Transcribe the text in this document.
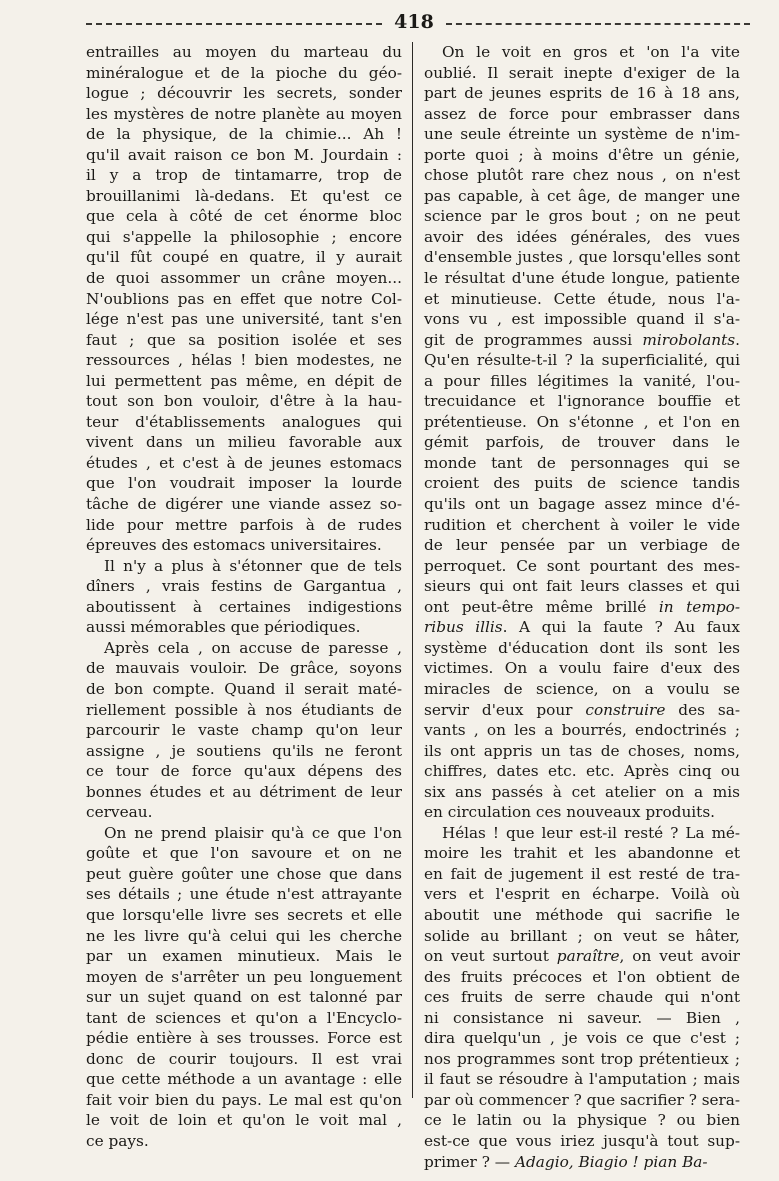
418

entrailles au moyen du marteau du
minéralogue et de la pioche du géo-
logue ; découvrir les secrets, sonder
les mystères de notre planète au moyen
de la physique, de la chimie... Ah !
qu'il avait raison ce bon M. Jourdain :
il y a trop de tintamarre, trop de
brouillanimi là-dedans. Et qu'est ce
que cela à côté de cet énorme bloc
qui s'appelle la philosophie ; encore
qu'il fût coupé en quatre, il y aurait
de quoi assommer un crâne moyen...
N'oublions pas en effet que notre Col-
lége n'est pas une université, tant s'en
faut ; que sa position isolée et ses
ressources , hélas ! bien modestes, ne
lui permettent pas même, en dépit de
tout son bon vouloir, d'être à la hau-
teur d'établissements analogues qui
vivent dans un milieu favorable aux
études , et c'est à de jeunes estomacs
que l'on voudrait imposer la lourde
tâche de digérer une viande assez so-
lide pour mettre parfois à de rudes
épreuves des estomacs universitaires.

Il n'y a plus à s'étonner que de tels
dîners , vrais festins de Gargantua ,
aboutissent à certaines indigestions
aussi mémorables que périodiques.

Après cela , on accuse de paresse ,
de mauvais vouloir. De grâce, soyons
de bon compte. Quand il serait maté-
riellement possible à nos étudiants de
parcourir le vaste champ qu'on leur
assigne , je soutiens qu'ils ne feront
ce tour de force qu'aux dépens des
bonnes études et au détriment de leur
cerveau.

On ne prend plaisir qu'à ce que l'on
goûte et que l'on savoure et on ne
peut guère goûter une chose que dans
ses détails ; une étude n'est attrayante
que lorsqu'elle livre ses secrets et elle
ne les livre qu'à celui qui les cherche
par un examen minutieux. Mais le
moyen de s'arrêter un peu longuement
sur un sujet quand on est talonné par
tant de sciences et qu'on a l'Encyclo-
pédie entière à ses trousses. Force est
donc de courir toujours. Il est vrai
que cette méthode a un avantage : elle
fait voir bien du pays. Le mal est qu'on
le voit de loin et qu'on le voit mal ,
ce pays.

On le voit en gros et 'on l'a vite
oublié. Il serait inepte d'exiger de la
part de jeunes esprits de 16 à 18 ans,
assez de force pour embrasser dans
une seule étreinte un système de n'im-
porte quoi ; à moins d'être un génie,
chose plutôt rare chez nous , on n'est
pas capable, à cet âge, de manger une
science par le gros bout ; on ne peut
avoir des idées générales, des vues
d'ensemble justes , que lorsqu'elles sont
le résultat d'une étude longue, patiente
et minutieuse. Cette étude, nous l'a-
vons vu , est impossible quand il s'a-
git de programmes aussi mirobolants.
Qu'en résulte-t-il ? la superficialité, qui
a pour filles légitimes la vanité, l'ou-
trecuidance et l'ignorance bouffie et
prétentieuse. On s'étonne , et l'on en
gémit parfois, de trouver dans le
monde tant de personnages qui se
croient des puits de science tandis
qu'ils ont un bagage assez mince d'é-
rudition et cherchent à voiler le vide
de leur pensée par un verbiage de
perroquet. Ce sont pourtant des mes-
sieurs qui ont fait leurs classes et qui
ont peut-être même brillé in tempo-
ribus illis. A qui la faute ? Au faux
système d'éducation dont ils sont les
victimes. On a voulu faire d'eux des
miracles de science, on a voulu se
servir d'eux pour construire des sa-
vants , on les a bourrés, endoctrinés ;
ils ont appris un tas de choses, noms,
chiffres, dates etc. etc. Après cinq ou
six ans passés à cet atelier on a mis
en circulation ces nouveaux produits.

Hélas ! que leur est-il resté ? La mé-
moire les trahit et les abandonne et
en fait de jugement il est resté de tra-
vers et l'esprit en écharpe. Voilà où
aboutit une méthode qui sacrifie le
solide au brillant ; on veut se hâter,
on veut surtout paraître, on veut avoir
des fruits précoces et l'on obtient de
ces fruits de serre chaude qui n'ont
ni consistance ni saveur. — Bien ,
dira quelqu'un , je vois ce que c'est ;
nos programmes sont trop prétentieux ;
il faut se résoudre à l'amputation ; mais
par où commencer ? que sacrifier ? sera-
ce le latin ou la physique ? ou bien
est-ce que vous iriez jusqu'à tout sup-
primer ? — Adagio, Biagio ! pian Ba-
